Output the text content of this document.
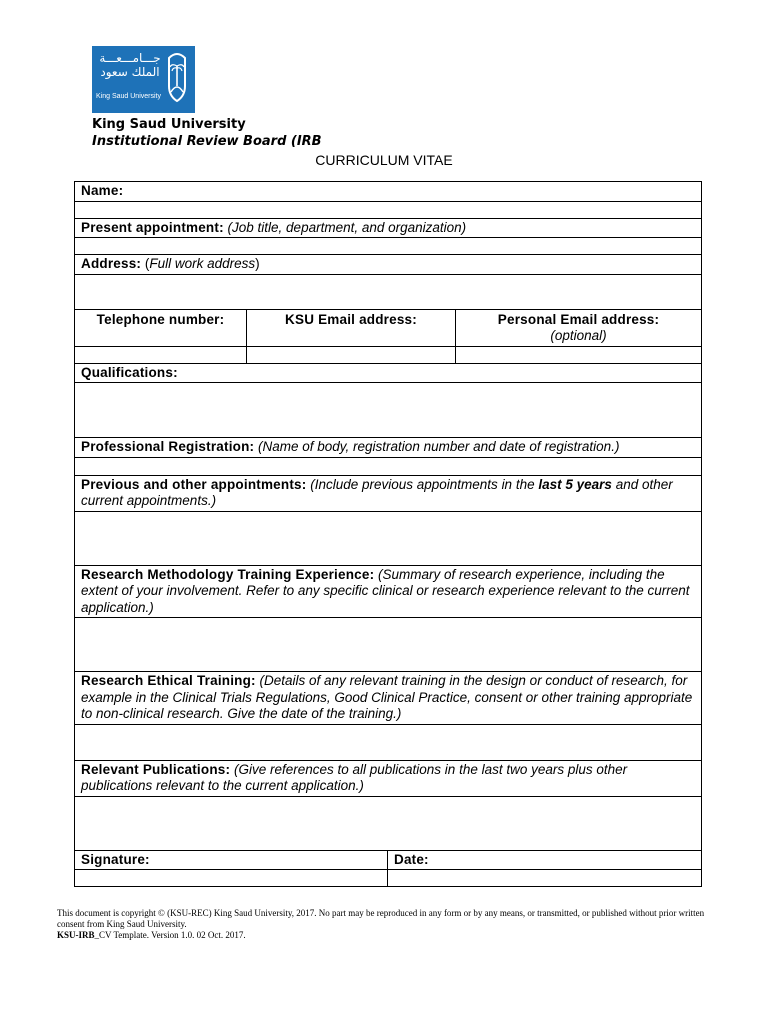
جـــامـــعـــة
الملك سعود
King Saud University
King Saud University
Institutional Review Board (IRB
CURRICULUM VITAE
Name:			

Present appointment: (Job title, department, and organization)			

Address: (Full work address)			

Telephone number:	KSU Email address:		Personal Email address:
(optional)

Qualifications:			

Professional Registration: (Name of body, registration number and date of registration.)			

Previous and other appointments: (Include previous appointments in the last 5 years and other current appointments.)			

Research Methodology Training Experience: (Summary of research experience, including the extent of your involvement. Refer to any specific clinical or research experience relevant to the current application.)			

Research Ethical Training: (Details of any relevant training in the design or conduct of research, for example in the Clinical Trials Regulations, Good Clinical Practice, consent or other training appropriate to non-clinical research. Give the date of the training.)			

Relevant Publications: (Give references to all publications in the last two years plus other publications relevant to the current application.)			

Signature:		Date:	

This document is copyright © (KSU-REC) King Saud University, 2017. No part may be reproduced in any form or by any means, or transmitted, or published without prior written consent from King Saud University.
KSU-IRB_CV Template. Version 1.0. 02 Oct. 2017.
